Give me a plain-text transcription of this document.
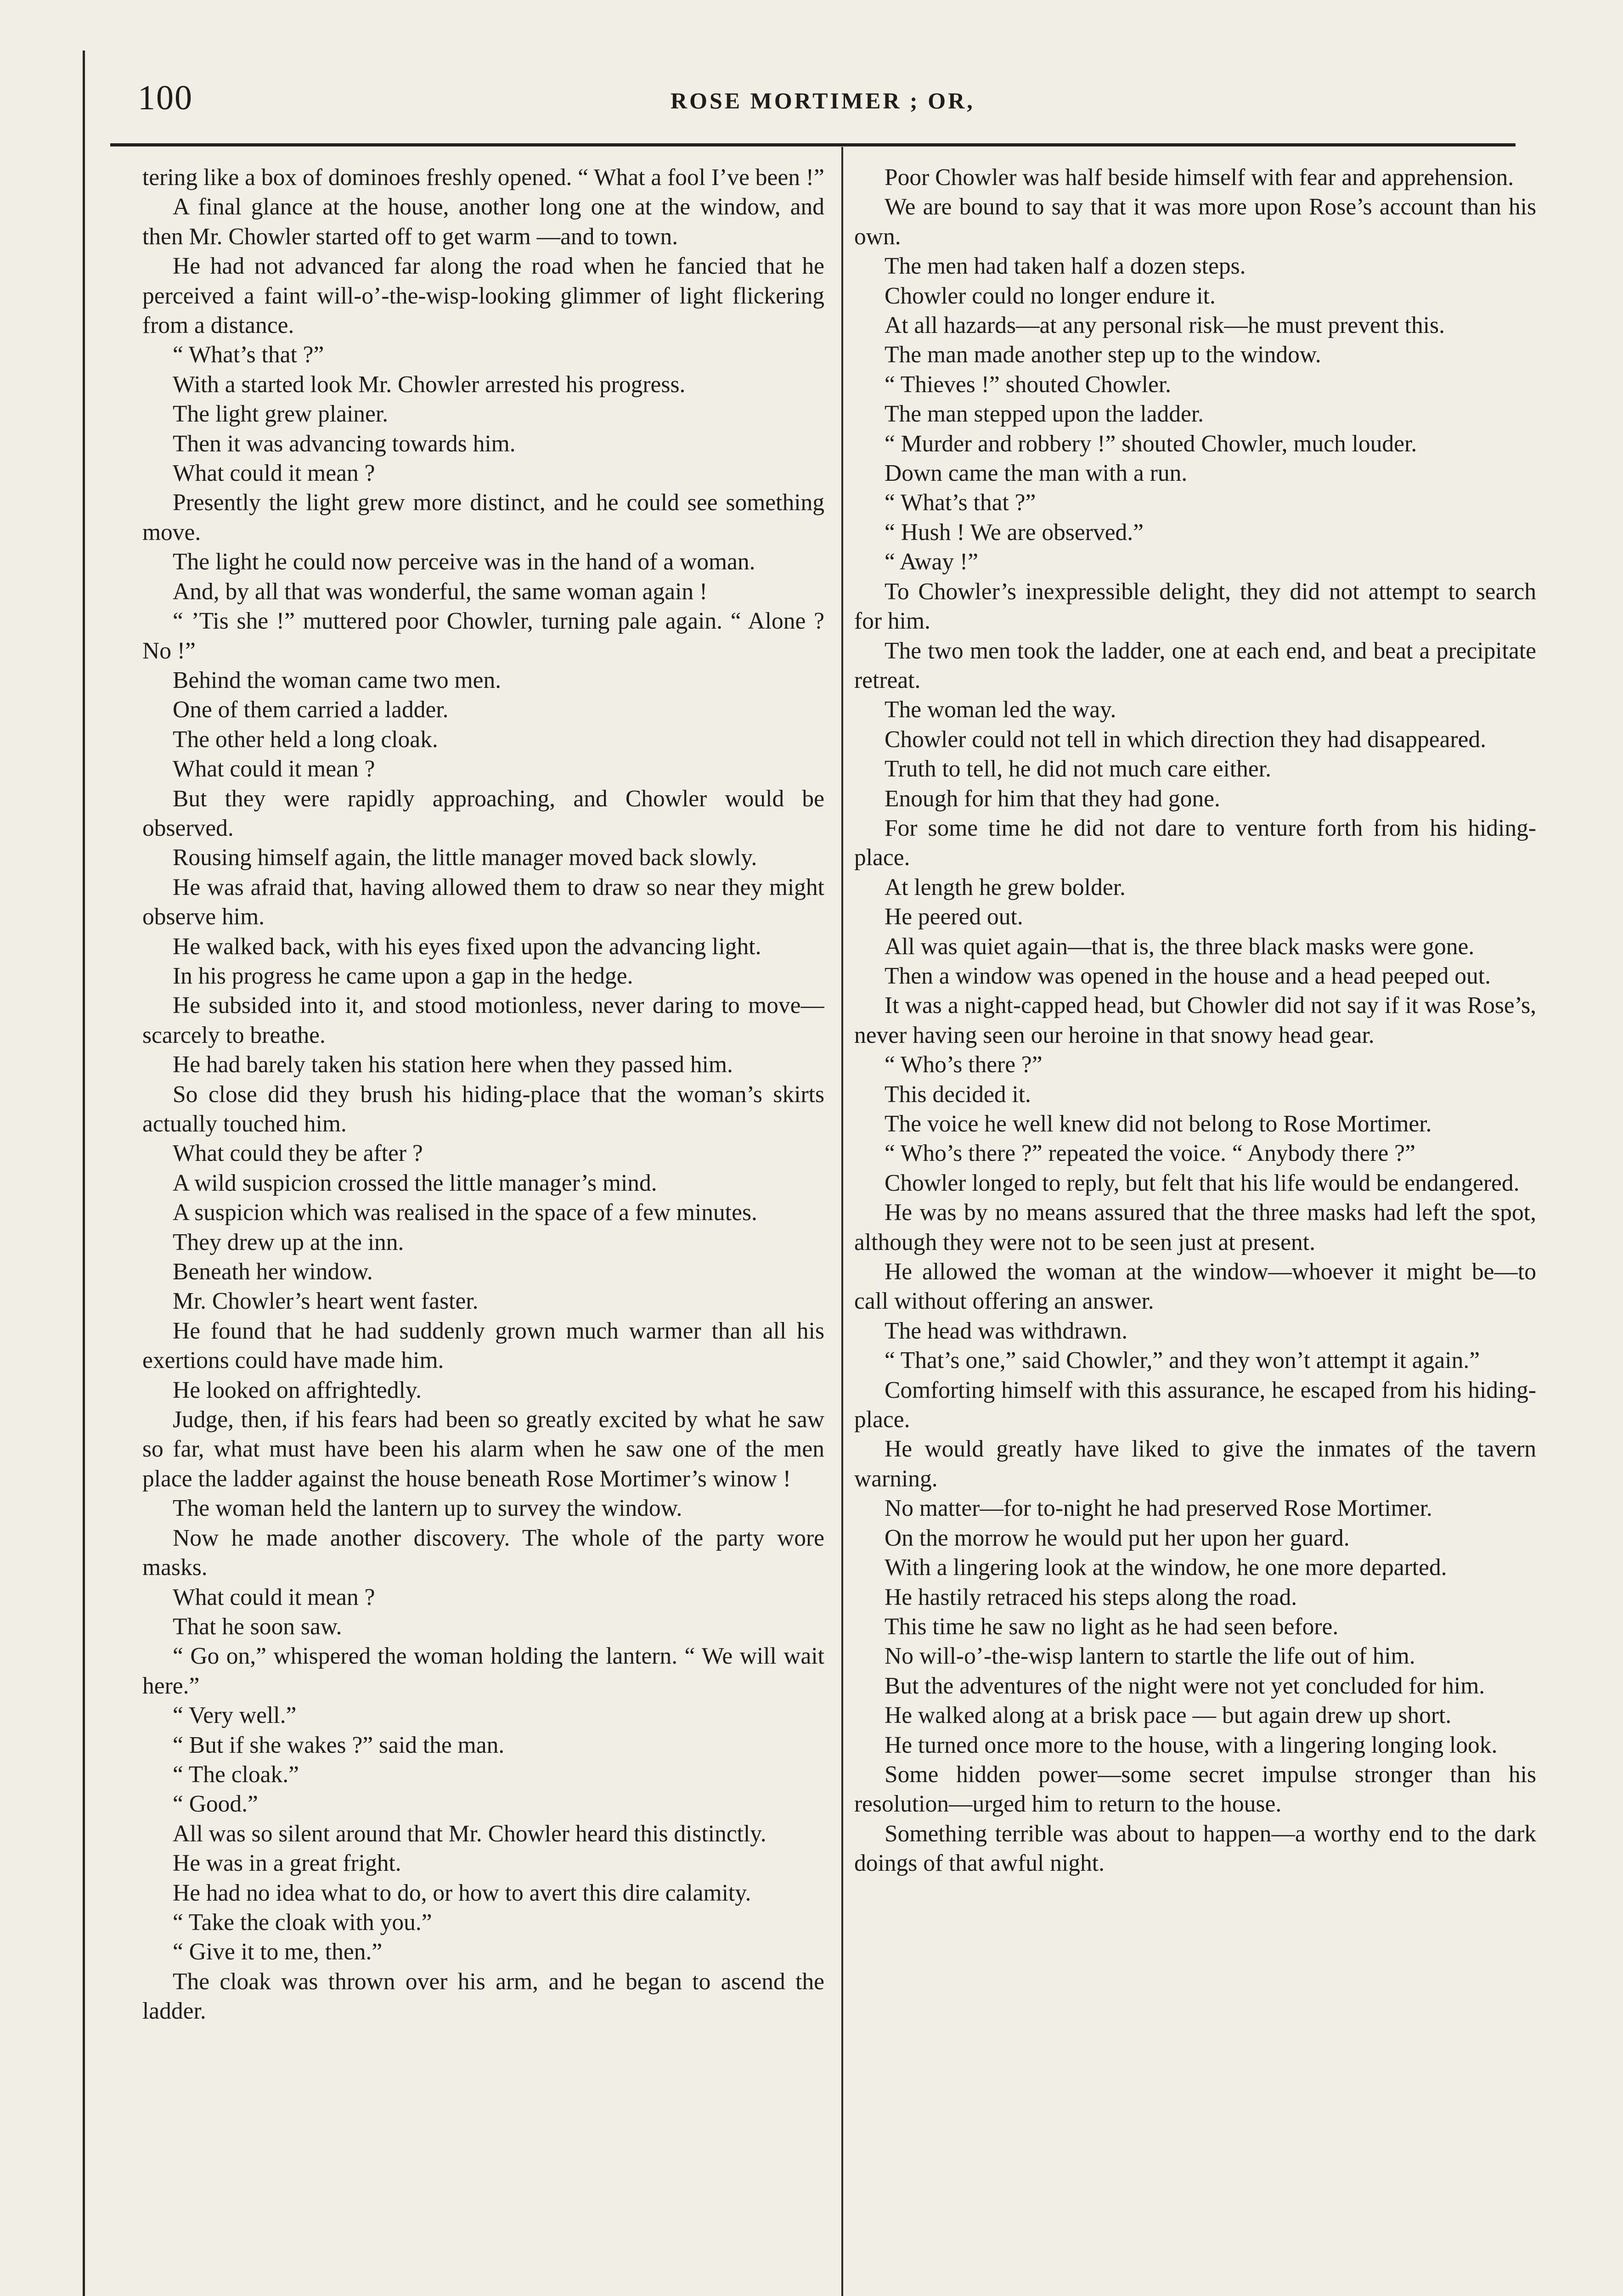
100	ROSE MORTIMER ; OR,

tering like a box of dominoes freshly opened. “ What a fool I’ve been !”

A final glance at the house, another long one at the window, and then Mr. Chowler started off to get warm —and to town.

He had not advanced far along the road when he fancied that he perceived a faint will-o’-the-wisp-looking glimmer of light flickering from a distance.

“ What’s that ?”

With a started look Mr. Chowler arrested his progress.

The light grew plainer.

Then it was advancing towards him.

What could it mean ?

Presently the light grew more distinct, and he could see something move.

The light he could now perceive was in the hand of a woman.

And, by all that was wonderful, the same woman again !

“ ’Tis she !” muttered poor Chowler, turning pale again. “ Alone ? No !”

Behind the woman came two men.

One of them carried a ladder.

The other held a long cloak.

What could it mean ?

But they were rapidly approaching, and Chowler would be observed.

Rousing himself again, the little manager moved back slowly.

He was afraid that, having allowed them to draw so near they might observe him.

He walked back, with his eyes fixed upon the advancing light.

In his progress he came upon a gap in the hedge.

He subsided into it, and stood motionless, never daring to move—scarcely to breathe.

He had barely taken his station here when they passed him.

So close did they brush his hiding-place that the woman’s skirts actually touched him.

What could they be after ?

A wild suspicion crossed the little manager’s mind.

A suspicion which was realised in the space of a few minutes.

They drew up at the inn.

Beneath her window.

Mr. Chowler’s heart went faster.

He found that he had suddenly grown much warmer than all his exertions could have made him.

He looked on affrightedly.

Judge, then, if his fears had been so greatly excited by what he saw so far, what must have been his alarm when he saw one of the men place the ladder against the house beneath Rose Mortimer’s winow !

The woman held the lantern up to survey the window.

Now he made another discovery. The whole of the party wore masks.

What could it mean ?

That he soon saw.

“ Go on,” whispered the woman holding the lantern. “ We will wait here.”

“ Very well.”

“ But if she wakes ?” said the man.

“ The cloak.”

“ Good.”

All was so silent around that Mr. Chowler heard this distinctly.

He was in a great fright.

He had no idea what to do, or how to avert this dire calamity.

“ Take the cloak with you.”

“ Give it to me, then.”

The cloak was thrown over his arm, and he began to ascend the ladder.

Poor Chowler was half beside himself with fear and apprehension.

We are bound to say that it was more upon Rose’s account than his own.

The men had taken half a dozen steps.

Chowler could no longer endure it.

At all hazards—at any personal risk—he must prevent this.

The man made another step up to the window.

“ Thieves !” shouted Chowler.

The man stepped upon the ladder.

“ Murder and robbery !” shouted Chowler, much louder.

Down came the man with a run.

“ What’s that ?”

“ Hush ! We are observed.”

“ Away !”

To Chowler’s inexpressible delight, they did not attempt to search for him.

The two men took the ladder, one at each end, and beat a precipitate retreat.

The woman led the way.

Chowler could not tell in which direction they had disappeared.

Truth to tell, he did not much care either.

Enough for him that they had gone.

For some time he did not dare to venture forth from his hiding-place.

At length he grew bolder.

He peered out.

All was quiet again—that is, the three black masks were gone.

Then a window was opened in the house and a head peeped out.

It was a night-capped head, but Chowler did not say if it was Rose’s, never having seen our heroine in that snowy head gear.

“ Who’s there ?”

This decided it.

The voice he well knew did not belong to Rose Mortimer.

“ Who’s there ?” repeated the voice. “ Anybody there ?”

Chowler longed to reply, but felt that his life would be endangered.

He was by no means assured that the three masks had left the spot, although they were not to be seen just at present.

He allowed the woman at the window—whoever it might be—to call without offering an answer.

The head was withdrawn.

“ That’s one,” said Chowler,” and they won’t attempt it again.”

Comforting himself with this assurance, he escaped from his hiding-place.

He would greatly have liked to give the inmates of the tavern warning.

No matter—for to-night he had preserved Rose Mortimer.

On the morrow he would put her upon her guard.

With a lingering look at the window, he one more departed.

He hastily retraced his steps along the road.

This time he saw no light as he had seen before.

No will-o’-the-wisp lantern to startle the life out of him.

But the adventures of the night were not yet concluded for him.

He walked along at a brisk pace — but again drew up short.

He turned once more to the house, with a lingering longing look.

Some hidden power—some secret impulse stronger than his resolution—urged him to return to the house.

Something terrible was about to happen—a worthy end to the dark doings of that awful night.
